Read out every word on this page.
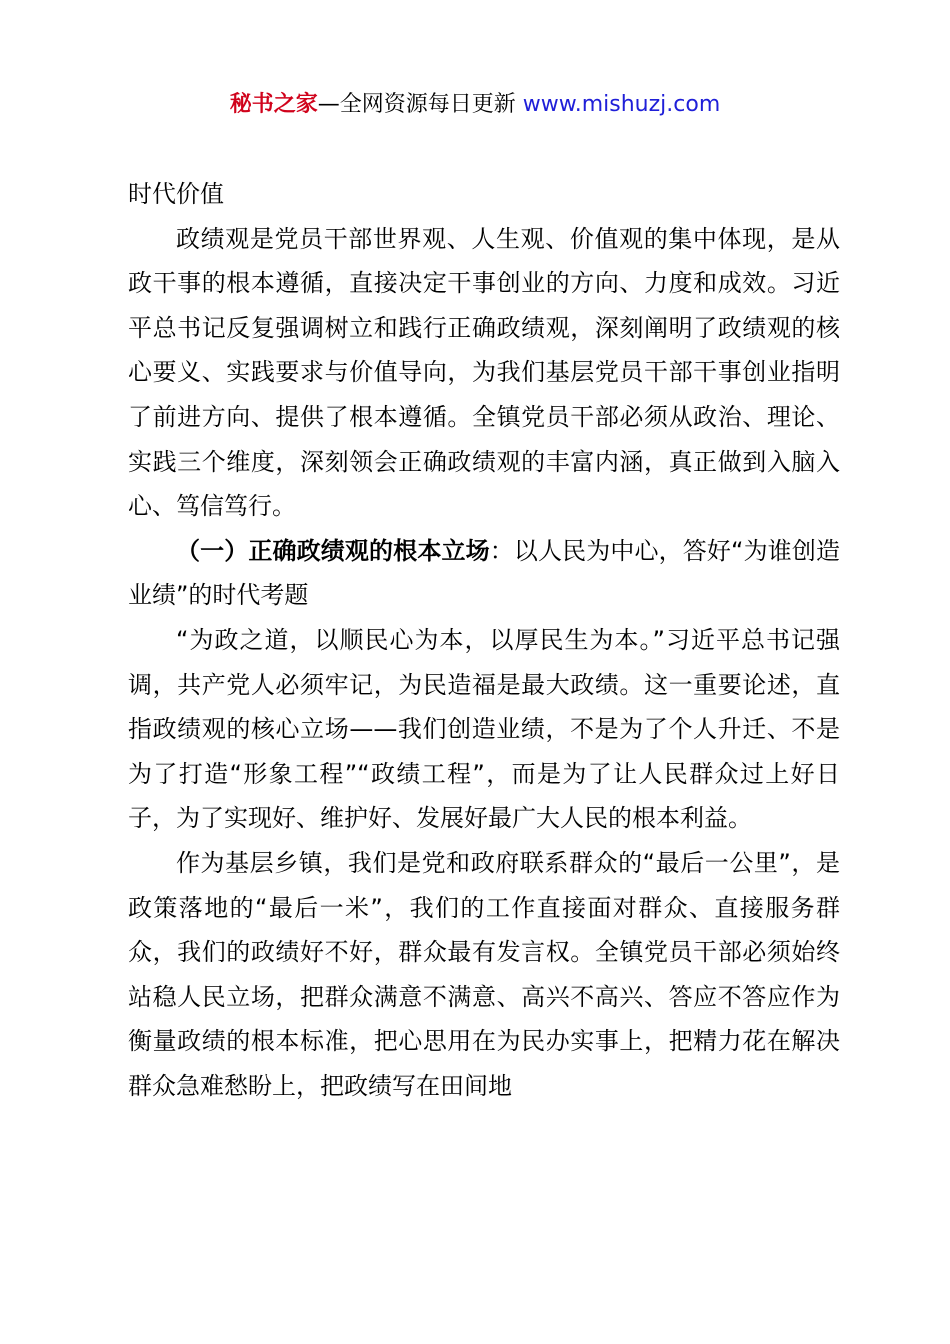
秘书之家—全网资源每日更新 www.mishuzj.com

时代价值

政绩观是党员干部世界观、人生观、价值观的集中体现，是从政干事的根本遵循，直接决定干事创业的方向、力度和成效。习近平总书记反复强调树立和践行正确政绩观，深刻阐明了政绩观的核心要义、实践要求与价值导向，为我们基层党员干部干事创业指明了前进方向、提供了根本遵循。全镇党员干部必须从政治、理论、实践三个维度，深刻领会正确政绩观的丰富内涵，真正做到入脑入心、笃信笃行。

（一）正确政绩观的根本立场：以人民为中心，答好“为谁创造业绩”的时代考题

“为政之道，以顺民心为本，以厚民生为本。”习近平总书记强调，共产党人必须牢记，为民造福是最大政绩。这一重要论述，直指政绩观的核心立场——我们创造业绩，不是为了个人升迁、不是为了打造“形象工程”“政绩工程”，而是为了让人民群众过上好日子，为了实现好、维护好、发展好最广大人民的根本利益。

作为基层乡镇，我们是党和政府联系群众的“最后一公里”，是政策落地的“最后一米”，我们的工作直接面对群众、直接服务群众，我们的政绩好不好，群众最有发言权。全镇党员干部必须始终站稳人民立场，把群众满意不满意、高兴不高兴、答应不答应作为衡量政绩的根本标准，把心思用在为民办实事上，把精力花在解决群众急难愁盼上，把政绩写在田间地
